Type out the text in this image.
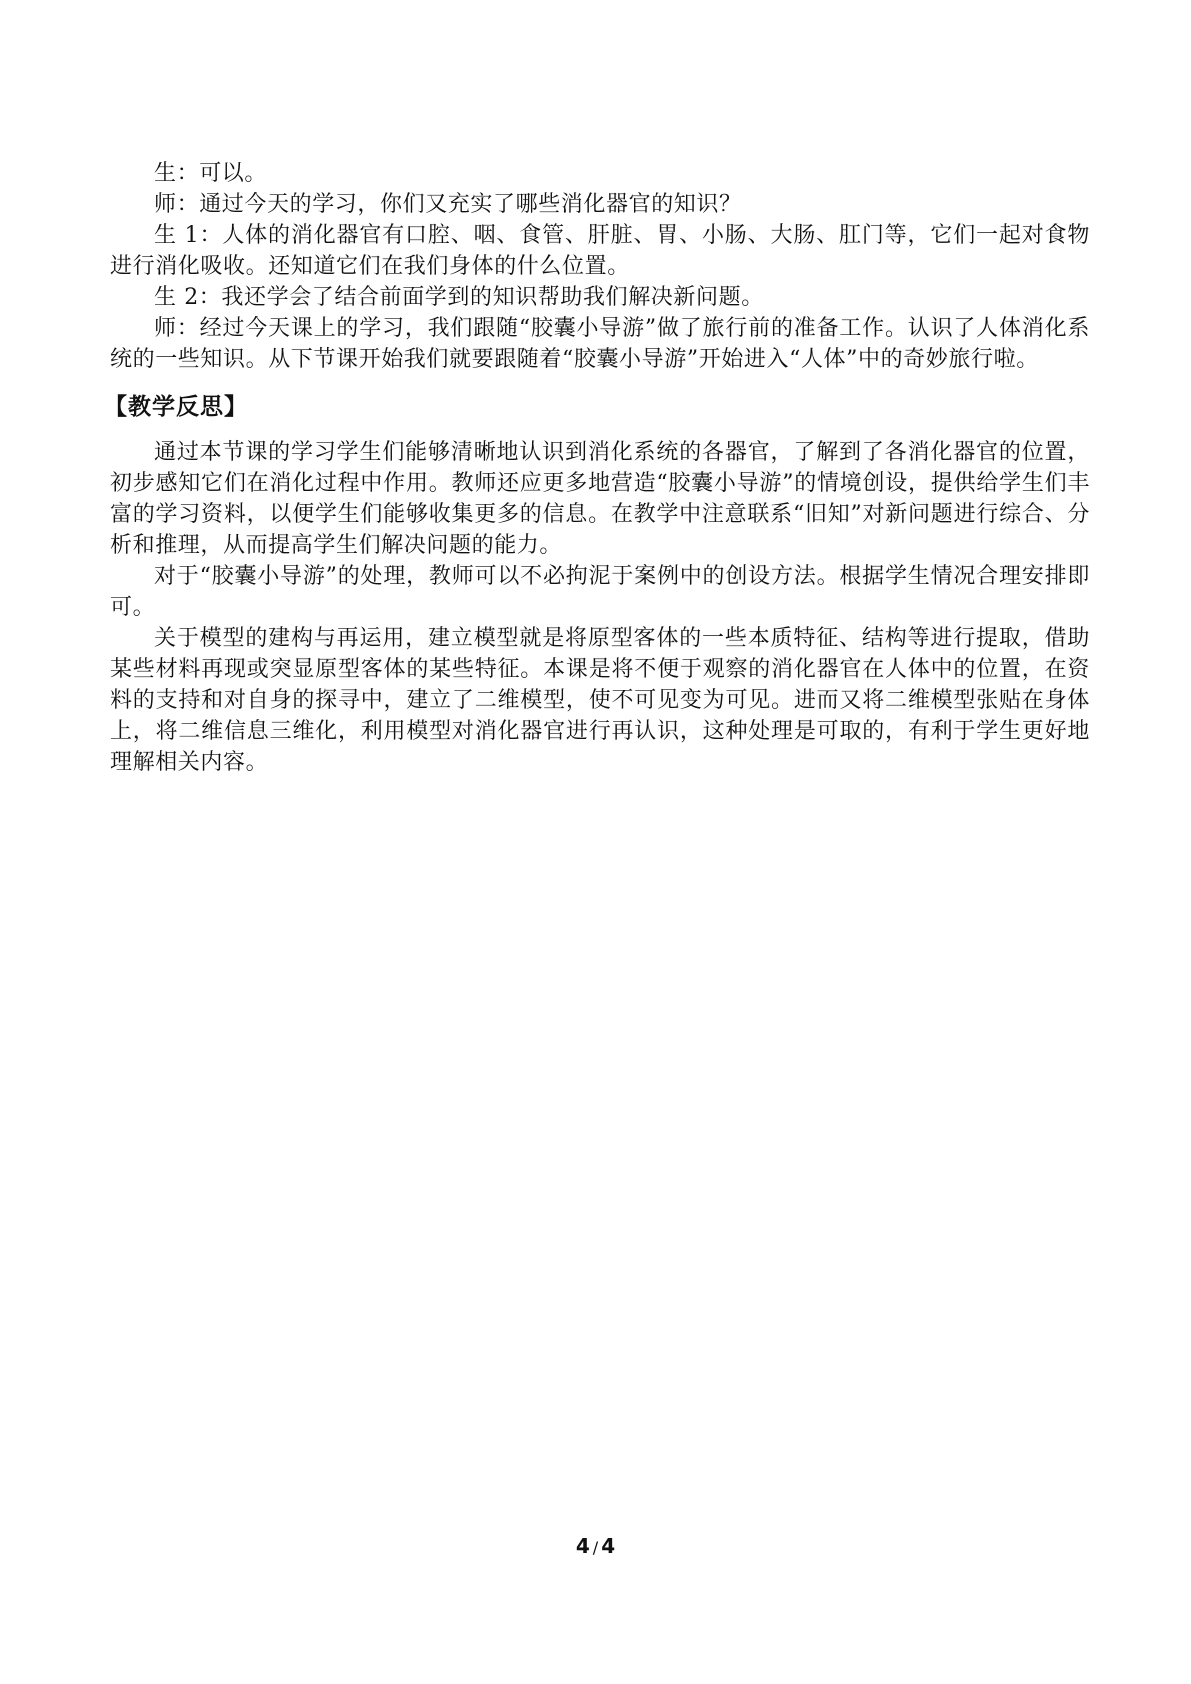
生：可以。

师：通过今天的学习，你们又充实了哪些消化器官的知识？

生 1：人体的消化器官有口腔、咽、食管、肝脏、胃、小肠、大肠、肛门等，它们一起对食物进行消化吸收。还知道它们在我们身体的什么位置。

生 2：我还学会了结合前面学到的知识帮助我们解决新问题。

师：经过今天课上的学习，我们跟随“胶囊小导游”做了旅行前的准备工作。认识了人体消化系统的一些知识。从下节课开始我们就要跟随着“胶囊小导游”开始进入“人体”中的奇妙旅行啦。

【教学反思】

通过本节课的学习学生们能够清晰地认识到消化系统的各器官，了解到了各消化器官的位置，初步感知它们在消化过程中作用。教师还应更多地营造“胶囊小导游”的情境创设，提供给学生们丰富的学习资料，以便学生们能够收集更多的信息。在教学中注意联系“旧知”对新问题进行综合、分析和推理，从而提高学生们解决问题的能力。

对于“胶囊小导游”的处理，教师可以不必拘泥于案例中的创设方法。根据学生情况合理安排即可。

关于模型的建构与再运用，建立模型就是将原型客体的一些本质特征、结构等进行提取，借助某些材料再现或突显原型客体的某些特征。本课是将不便于观察的消化器官在人体中的位置，在资料的支持和对自身的探寻中，建立了二维模型，使不可见变为可见。进而又将二维模型张贴在身体上，将二维信息三维化，利用模型对消化器官进行再认识，这种处理是可取的，有利于学生更好地理解相关内容。

4 / 4
